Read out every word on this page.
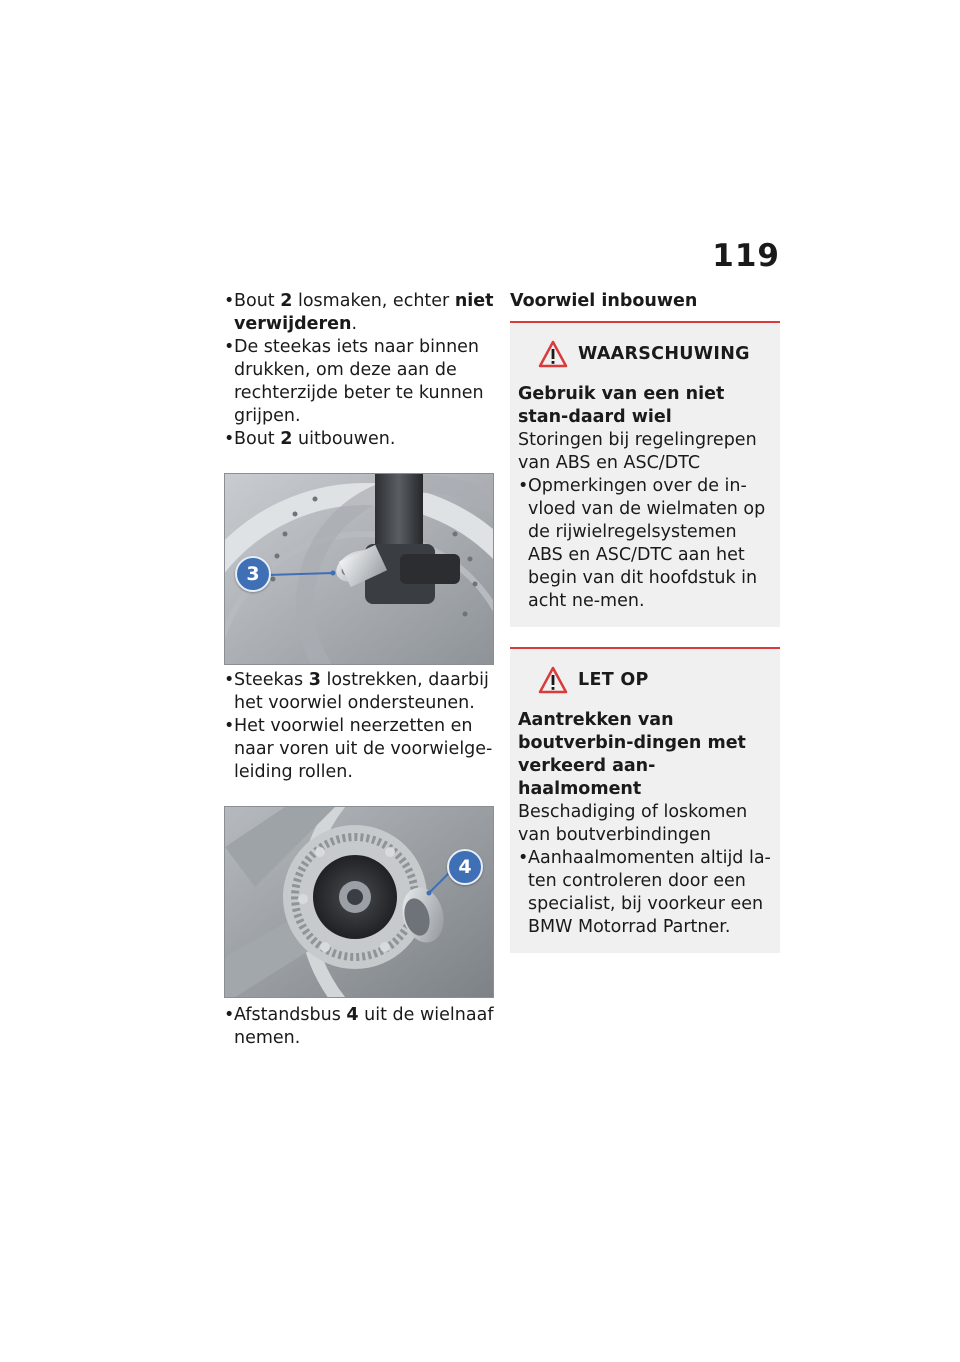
119

• Bout 2 losmaken, echter niet verwijderen.

• De steekas iets naar binnen drukken, om deze aan de rechterzijde beter te kunnen grijpen.

• Bout 2 uitbouwen.

3

• Steekas 3 lostrekken, daarbij het voorwiel ondersteunen.

• Het voorwiel neerzetten en naar voren uit de voorwielge-leiding rollen.

4

• Afstandsbus 4 uit de wielnaaf nemen.

Voorwiel inbouwen
WAARSCHUWING
Gebruik van een niet stan-daard wiel
Storingen bij regelingrepen van ABS en ASC/DTC

• Opmerkingen over de in-vloed van de wielmaten op de rijwielregelsystemen ABS en ASC/DTC aan het begin van dit hoofdstuk in acht ne-men.

LET OP
Aantrekken van boutverbin-dingen met verkeerd aan-haalmoment
Beschadiging of loskomen van boutverbindingen

• Aanhaalmomenten altijd la-ten controleren door een specialist, bij voorkeur een BMW Motorrad Partner.
